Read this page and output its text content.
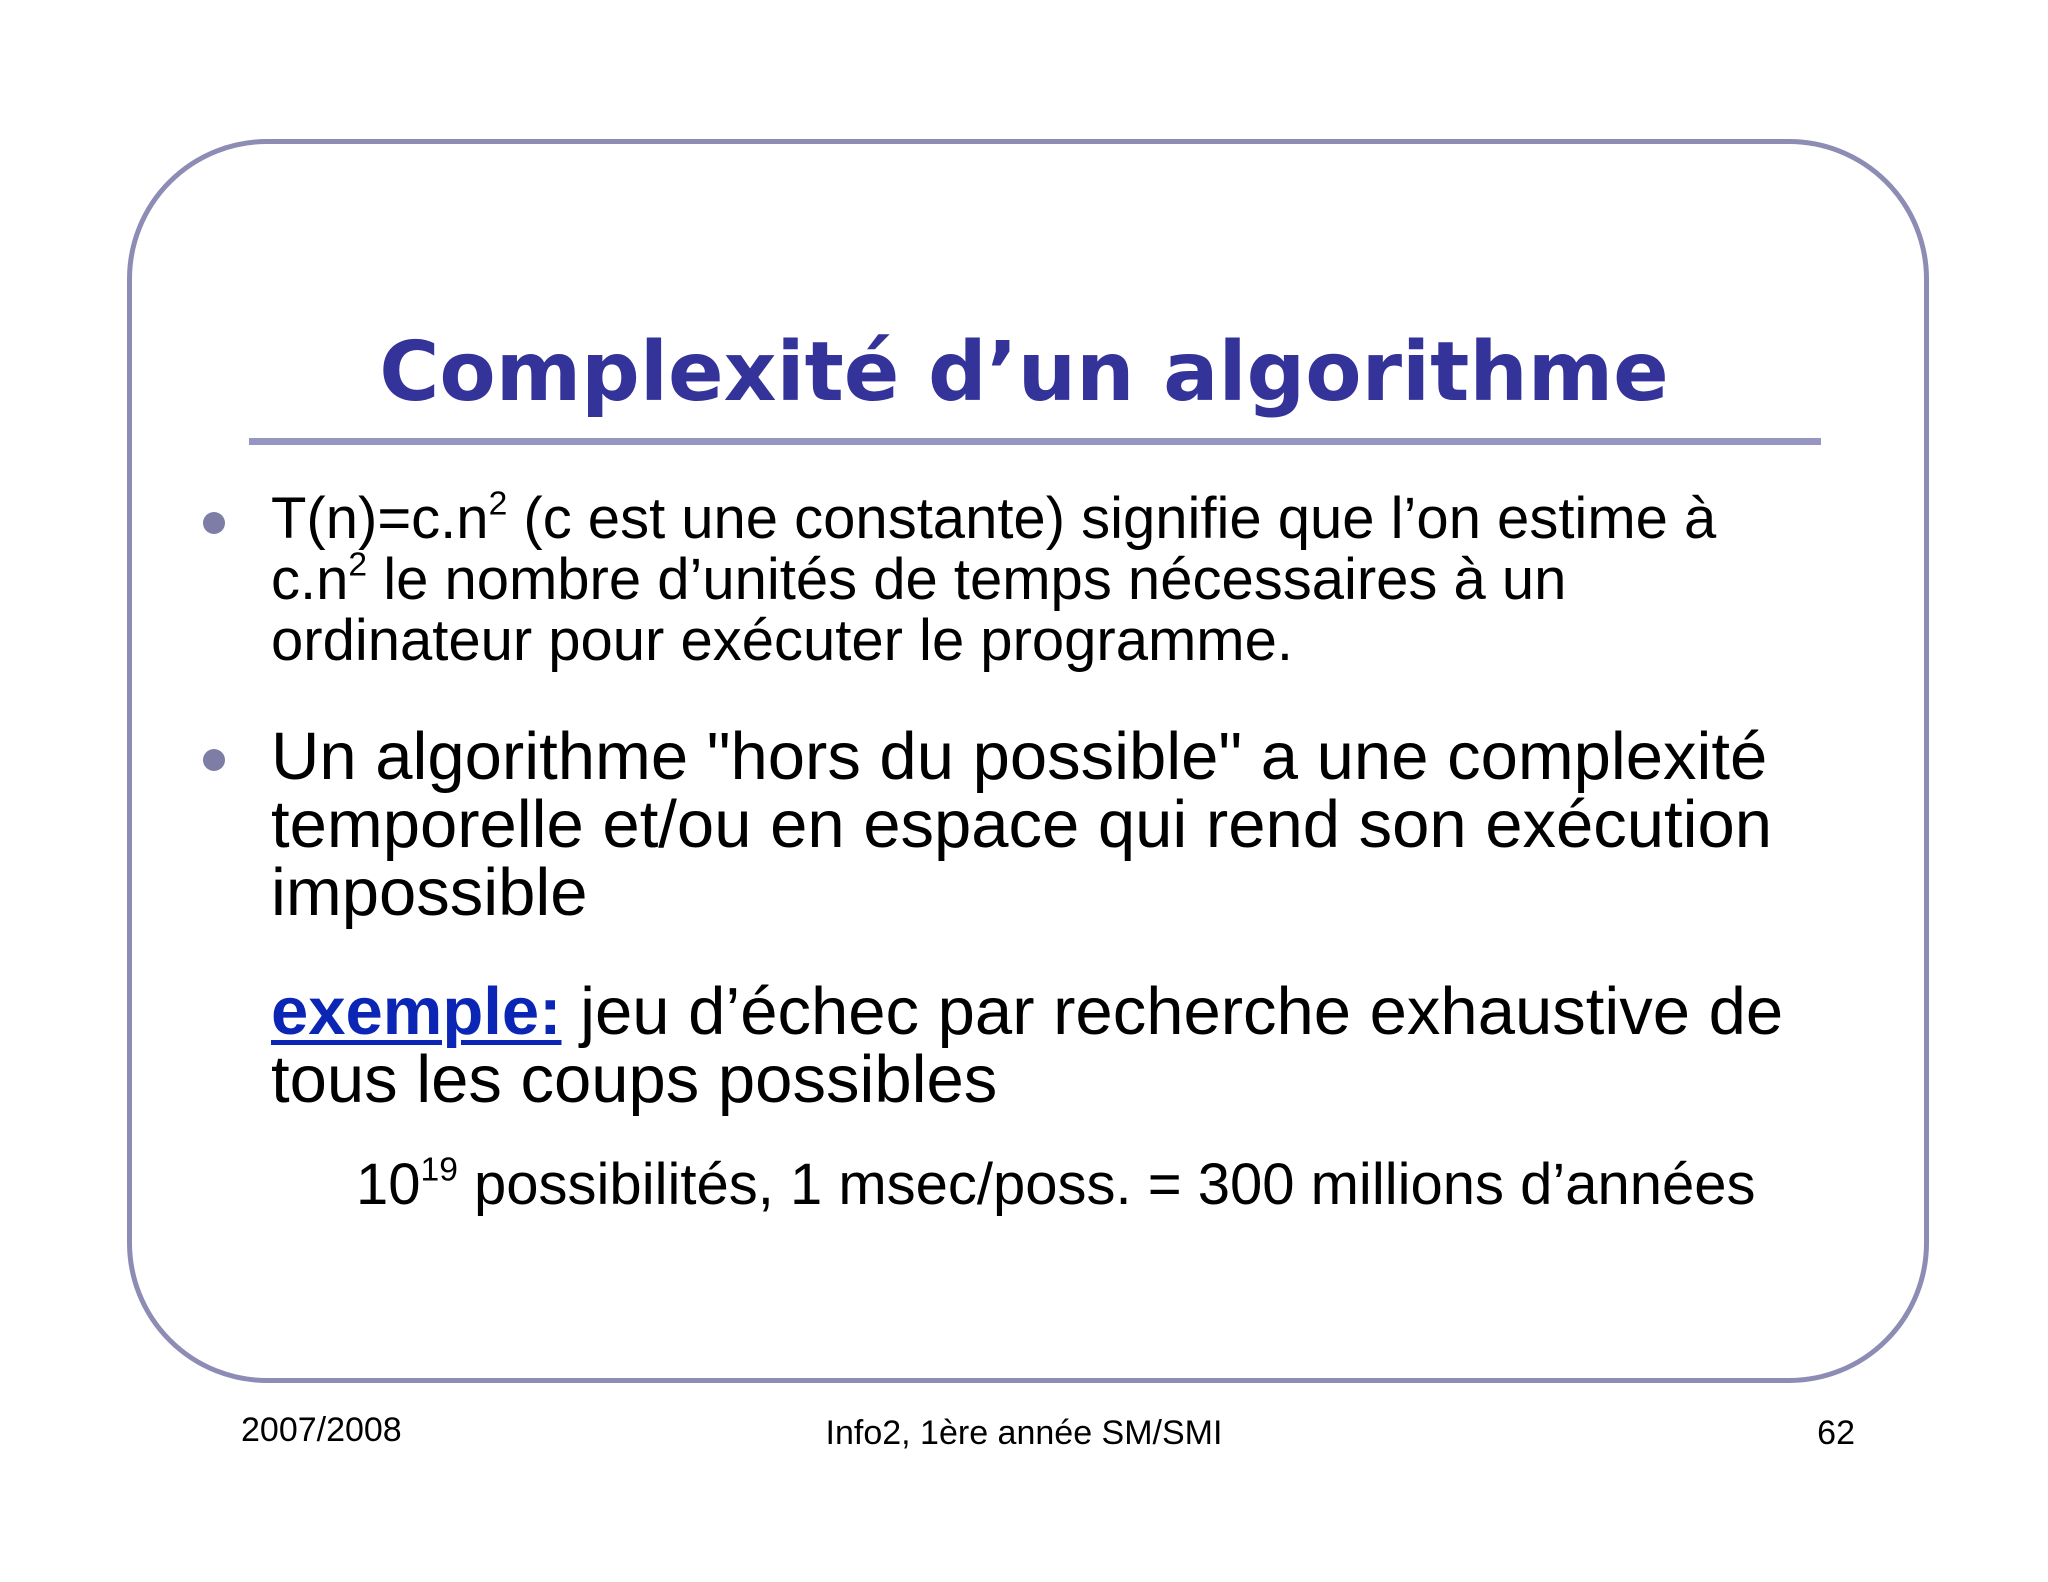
Complexité d’un algorithme
$T(n)=c.n^2$ (c est une constante) signifie que l’on estime à
$c.n^2$ le nombre d’unités de temps nécessaires à un
ordinateur pour exécuter le programme.
Un algorithme "hors du possible" a une complexité
temporelle et/ou en espace qui rend son exécution
impossible
exemple: jeu d’échec par recherche exhaustive de
tous les coups possibles
$10^{19}$ possibilités, 1 msec/poss. = 300 millions d’années
2007/2008	Info2, 1ère année SM/SMI	62
